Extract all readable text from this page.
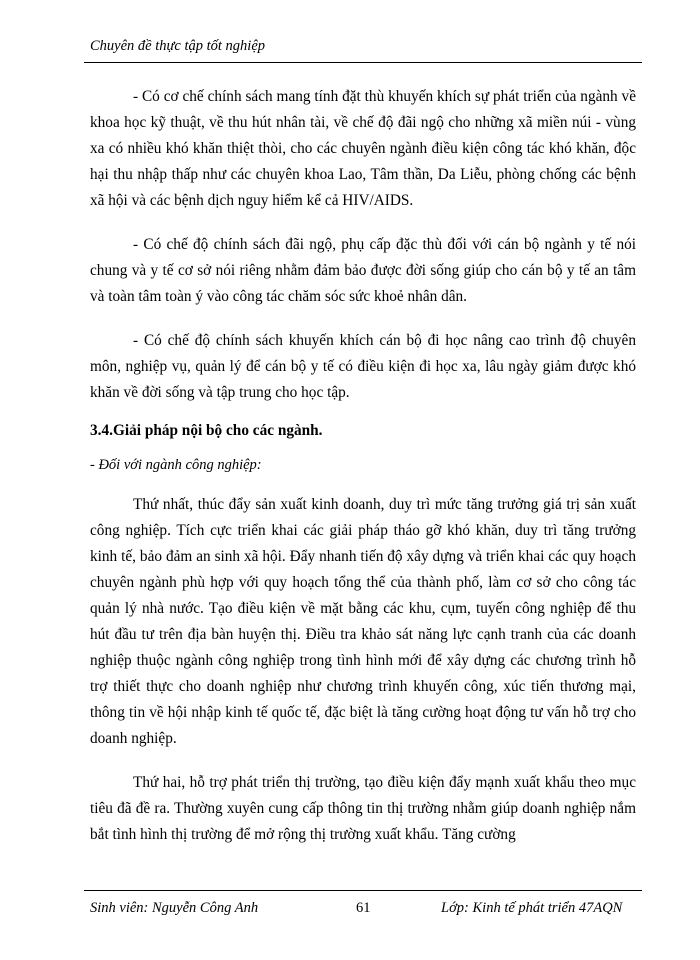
Chuyên đề thực tập tốt nghiệp

- Có cơ chế chính sách mang tính đặt thù khuyến khích sự phát triển của ngành về khoa học kỹ thuật, về thu hút nhân tài, về chế độ đãi ngộ cho những xã miền núi - vùng xa có nhiều khó khăn thiệt thòi, cho các chuyên ngành điều kiện công tác khó khăn, độc hại thu nhập thấp như các chuyên khoa Lao, Tâm thần, Da Liễu, phòng chống các bệnh xã hội và các bệnh dịch nguy hiểm kể cả HIV/AIDS.

- Có chế độ chính sách đãi ngộ, phụ cấp đặc thù đối với cán bộ ngành y tế nói chung và y tế cơ sở nói riêng nhằm đảm bảo được đời sống giúp cho cán bộ y tế an tâm và toàn tâm toàn ý vào công tác chăm sóc sức khoẻ nhân dân.

- Có chế độ chính sách khuyến khích cán bộ đi học nâng cao trình độ chuyên môn, nghiệp vụ, quản lý để cán bộ y tế có điều kiện đi học xa, lâu ngày giảm được khó khăn về đời sống và tập trung cho học tập.

3.4.Giải pháp nội bộ cho các ngành.

- Đối với ngành công nghiệp:

Thứ nhất, thúc đẩy sản xuất kinh doanh, duy trì mức tăng trưởng giá trị sản xuất công nghiệp. Tích cực triển khai các giải pháp tháo gỡ khó khăn, duy trì tăng trưởng kinh tế, bảo đảm an sinh xã hội. Đẩy nhanh tiến độ xây dựng và triển khai các quy hoạch chuyên ngành phù hợp với quy hoạch tổng thể của thành phố, làm cơ sở cho công tác quản lý nhà nước. Tạo điều kiện về mặt bằng các khu, cụm, tuyến công nghiệp để thu hút đầu tư trên địa bàn huyện thị. Điều tra khảo sát năng lực cạnh tranh của các doanh nghiệp thuộc ngành công nghiệp trong tình hình mới để xây dựng các chương trình hỗ trợ thiết thực cho doanh nghiệp như chương trình khuyến công, xúc tiến thương mại, thông tin về hội nhập kinh tế quốc tế, đặc biệt là tăng cường hoạt động tư vấn hỗ trợ cho doanh nghiệp.

Thứ hai, hỗ trợ phát triển thị trường, tạo điều kiện đẩy mạnh xuất khẩu theo mục tiêu đã đề ra. Thường xuyên cung cấp thông tin thị trường nhằm giúp doanh nghiệp nắm bắt tình hình thị trường để mở rộng thị trường xuất khẩu. Tăng cường

Sinh viên: Nguyễn Công Anh	61	Lớp: Kinh tế phát triển 47AQN
